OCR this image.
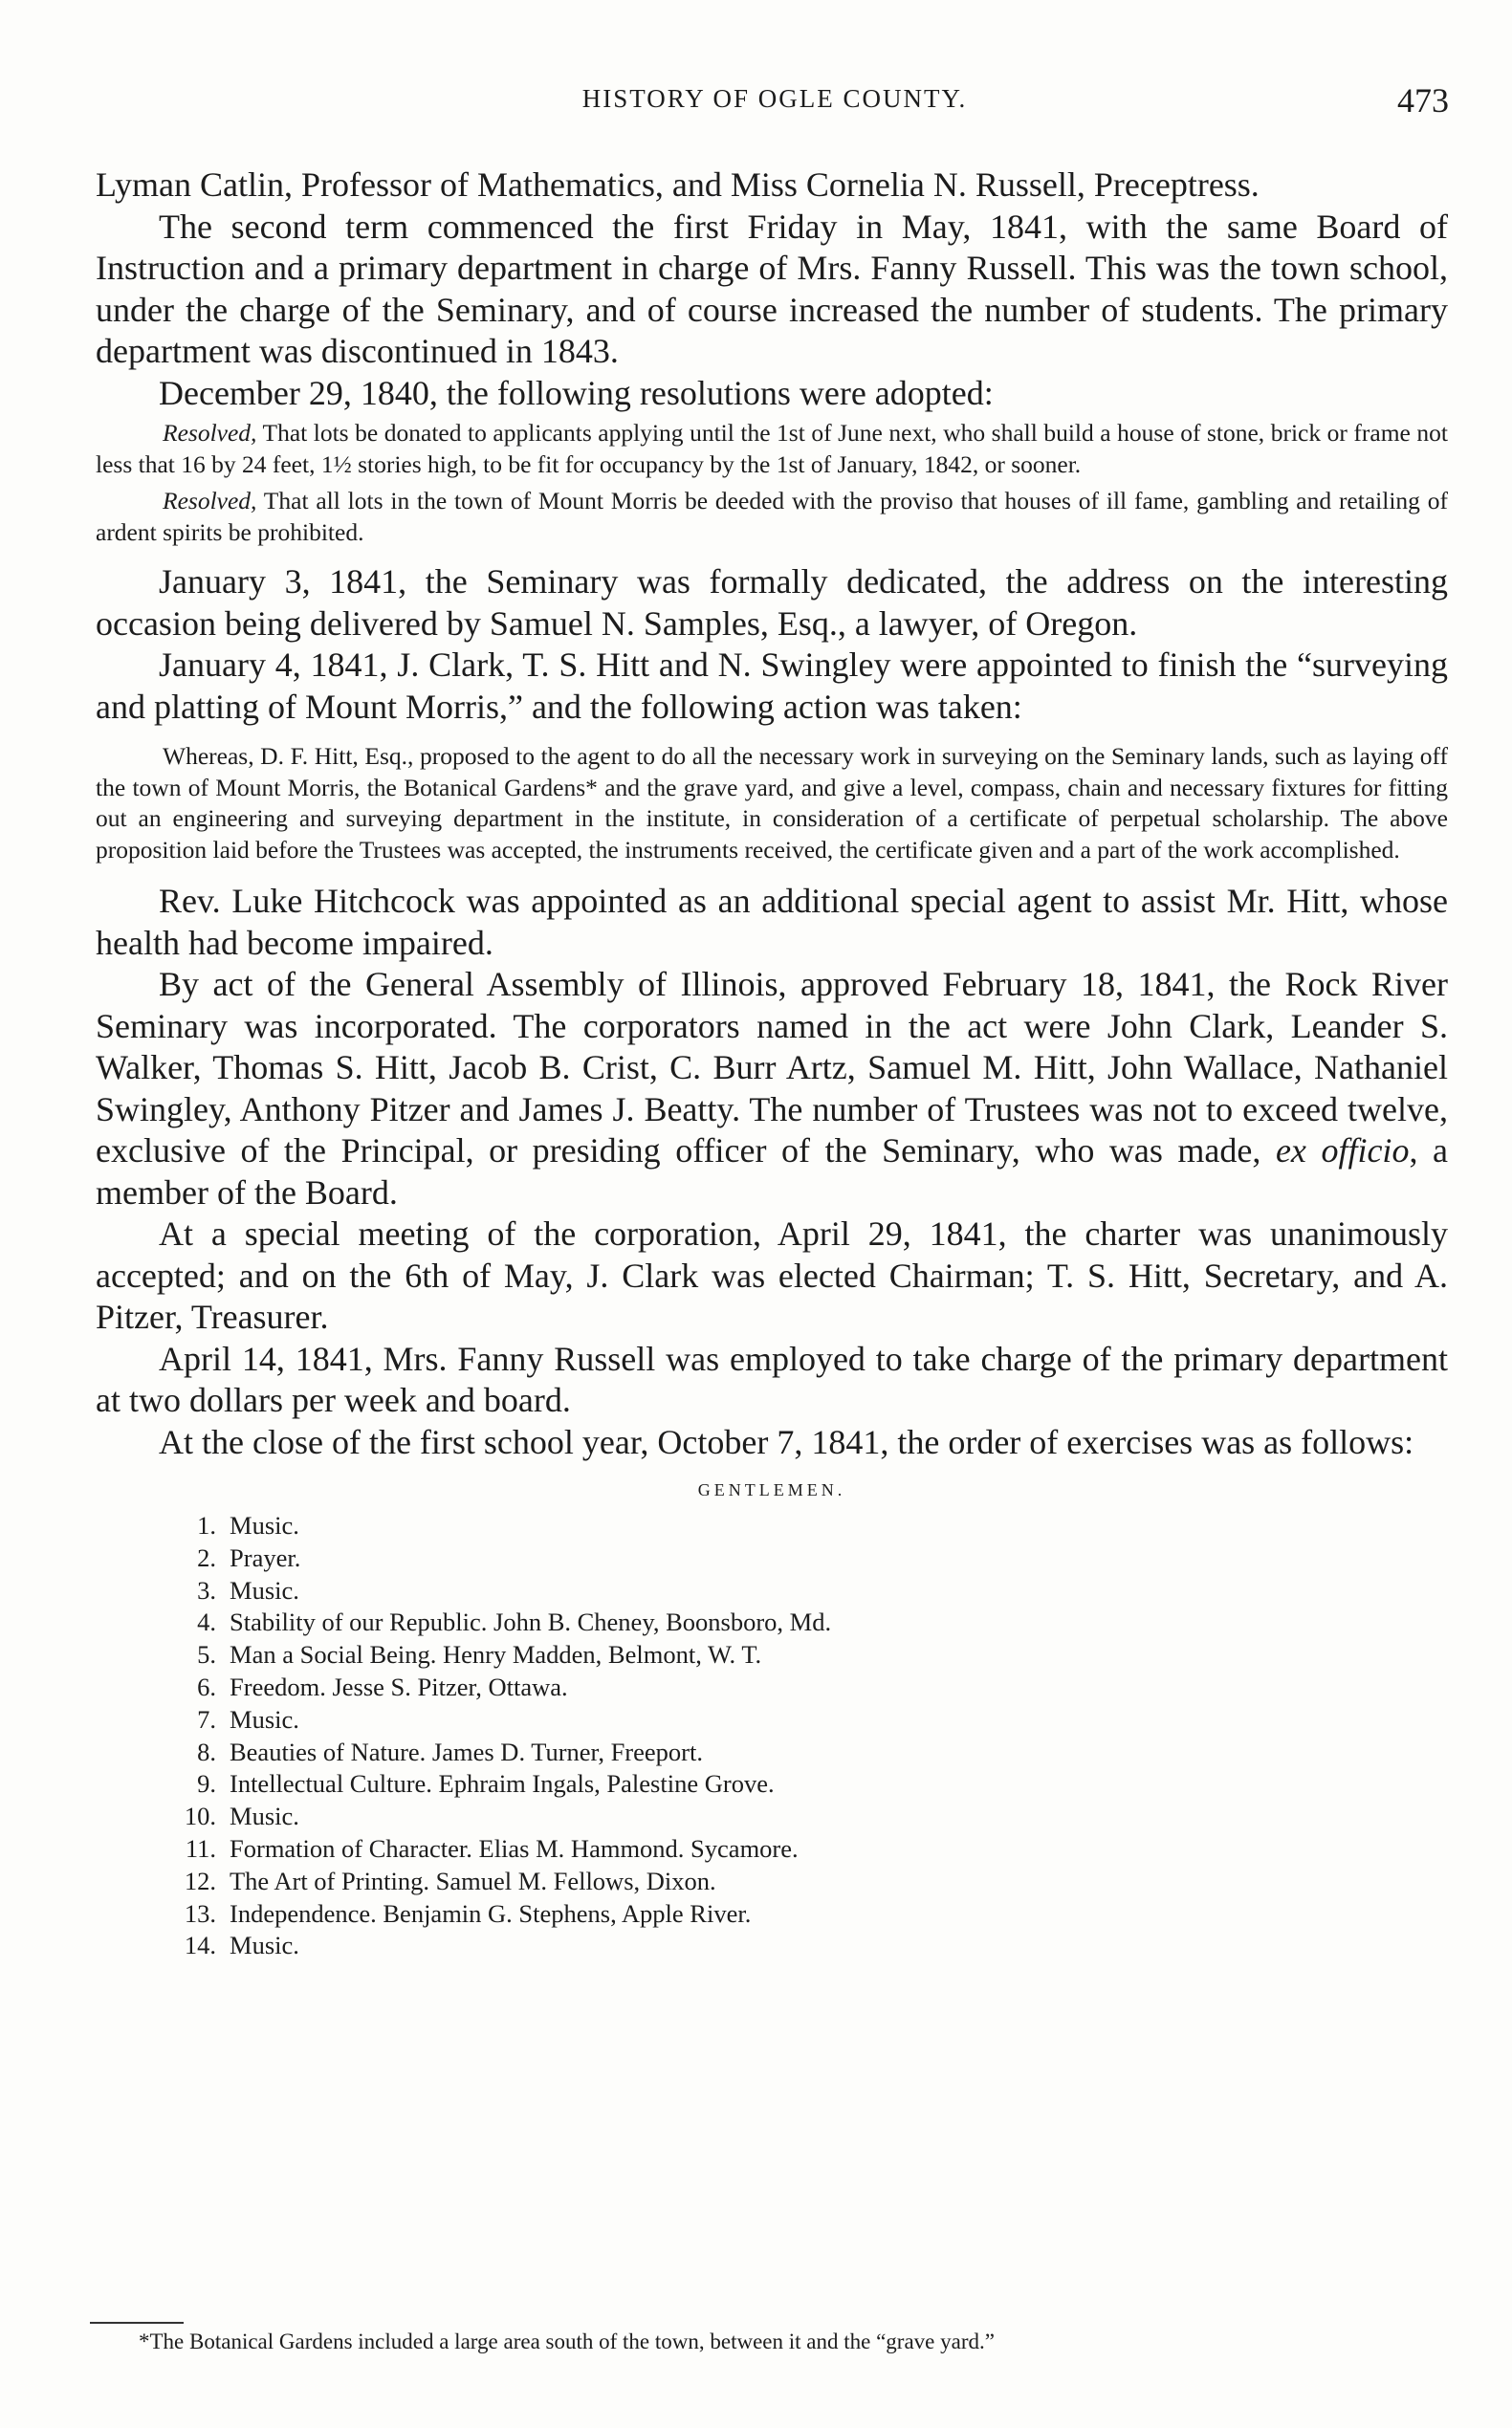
HISTORY OF OGLE COUNTY.	473

Lyman Catlin, Professor of Mathematics, and Miss Cornelia N. Russell, Preceptress.

The second term commenced the first Friday in May, 1841, with the same Board of Instruction and a primary department in charge of Mrs. Fanny Russell. This was the town school, under the charge of the Seminary, and of course increased the number of students. The primary department was discontinued in 1843.

December 29, 1840, the following resolutions were adopted:

Resolved, That lots be donated to applicants applying until the 1st of June next, who shall build a house of stone, brick or frame not less that 16 by 24 feet, 1½ stories high, to be fit for occupancy by the 1st of January, 1842, or sooner.

Resolved, That all lots in the town of Mount Morris be deeded with the proviso that houses of ill fame, gambling and retailing of ardent spirits be prohibited.

January 3, 1841, the Seminary was formally dedicated, the address on the interesting occasion being delivered by Samuel N. Samples, Esq., a lawyer, of Oregon.

January 4, 1841, J. Clark, T. S. Hitt and N. Swingley were appointed to finish the “surveying and platting of Mount Morris,” and the following action was taken:

Whereas, D. F. Hitt, Esq., proposed to the agent to do all the necessary work in surveying on the Seminary lands, such as laying off the town of Mount Morris, the Botanical Gardens* and the grave yard, and give a level, compass, chain and necessary fixtures for fitting out an engineering and surveying department in the institute, in consideration of a certificate of perpetual scholarship. The above proposition laid before the Trustees was accepted, the instruments received, the certificate given and a part of the work accomplished.

Rev. Luke Hitchcock was appointed as an additional special agent to assist Mr. Hitt, whose health had become impaired.

By act of the General Assembly of Illinois, approved February 18, 1841, the Rock River Seminary was incorporated. The corporators named in the act were John Clark, Leander S. Walker, Thomas S. Hitt, Jacob B. Crist, C. Burr Artz, Samuel M. Hitt, John Wallace, Nathaniel Swingley, Anthony Pitzer and James J. Beatty. The number of Trustees was not to exceed twelve, exclusive of the Principal, or presiding officer of the Seminary, who was made, ex officio, a member of the Board.

At a special meeting of the corporation, April 29, 1841, the charter was unanimously accepted; and on the 6th of May, J. Clark was elected Chairman; T. S. Hitt, Secretary, and A. Pitzer, Treasurer.

April 14, 1841, Mrs. Fanny Russell was employed to take charge of the primary department at two dollars per week and board.

At the close of the first school year, October 7, 1841, the order of exercises was as follows:

GENTLEMEN.
1. Music.
2. Prayer.
3. Music.
4. Stability of our Republic. John B. Cheney, Boonsboro, Md.
5. Man a Social Being. Henry Madden, Belmont, W. T.
6. Freedom. Jesse S. Pitzer, Ottawa.
7. Music.
8. Beauties of Nature. James D. Turner, Freeport.
9. Intellectual Culture. Ephraim Ingals, Palestine Grove.
10. Music.
11. Formation of Character. Elias M. Hammond. Sycamore.
12. The Art of Printing. Samuel M. Fellows, Dixon.
13. Independence. Benjamin G. Stephens, Apple River.
14. Music.
*The Botanical Gardens included a large area south of the town, between it and the “grave yard.”
